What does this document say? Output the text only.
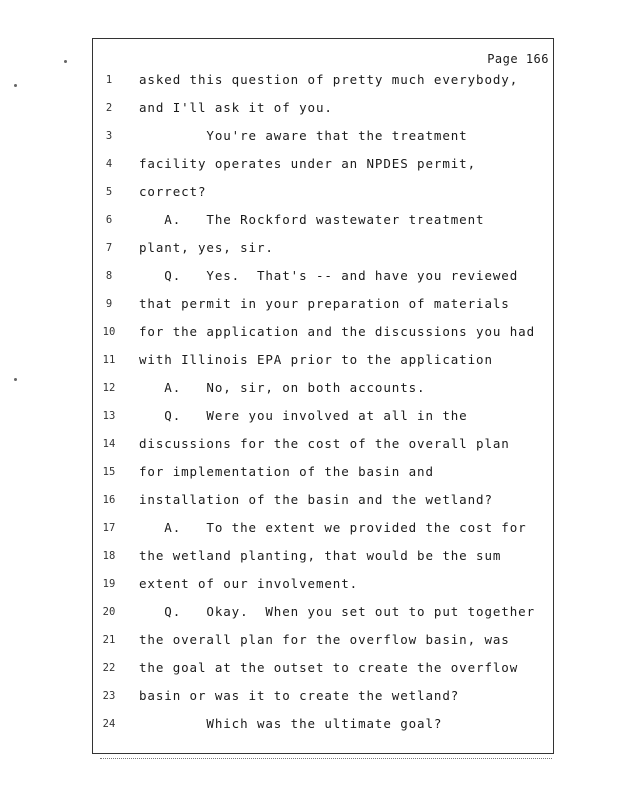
Page 166
1	asked this question of pretty much everybody,
2	and I'll ask it of you.
3	You're aware that the treatment
4	facility operates under an NPDES permit,
5	correct?
6	A.   The Rockford wastewater treatment
7	plant, yes, sir.
8	Q.   Yes.  That's -- and have you reviewed
9	that permit in your preparation of materials
10 for the application and the discussions you had
11 with Illinois EPA prior to the application
12 A.   No, sir, on both accounts.
13 Q.   Were you involved at all in the
14 discussions for the cost of the overall plan
15 for implementation of the basin and
16 installation of the basin and the wetland?
17 A.   To the extent we provided the cost for
18 the wetland planting, that would be the sum
19 extent of our involvement.
20 Q.   Okay.  When you set out to put together
21 the overall plan for the overflow basin, was
22 the goal at the outset to create the overflow
23 basin or was it to create the wetland?
24 Which was the ultimate goal?
